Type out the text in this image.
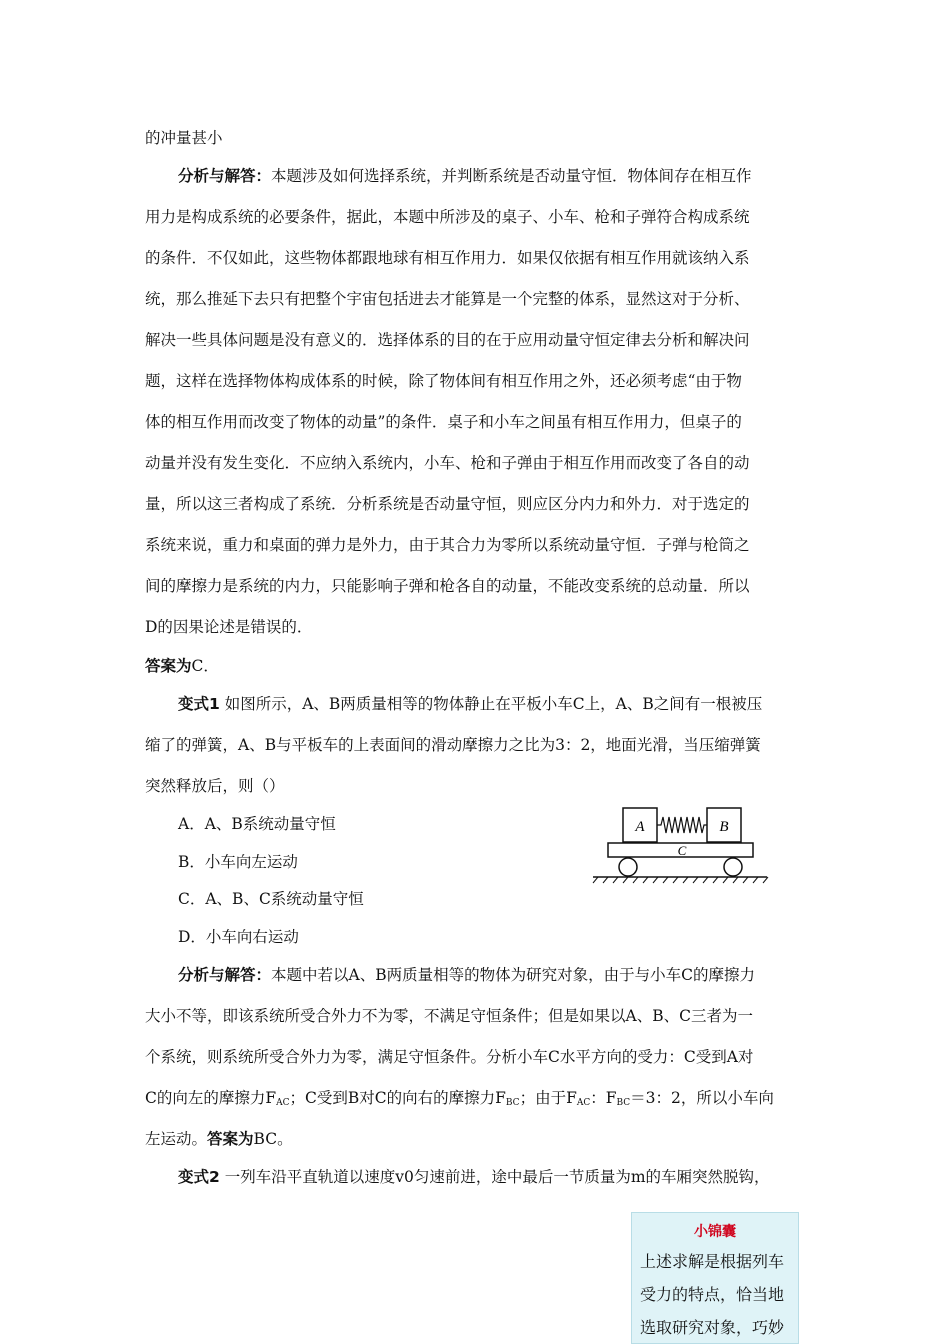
的冲量甚小
分析与解答：本题涉及如何选择系统，并判断系统是否动量守恒．物体间存在相互作
用力是构成系统的必要条件，据此，本题中所涉及的桌子、小车、枪和子弹符合构成系统
的条件．不仅如此，这些物体都跟地球有相互作用力．如果仅依据有相互作用就该纳入系
统，那么推延下去只有把整个宇宙包括进去才能算是一个完整的体系，显然这对于分析、
解决一些具体问题是没有意义的．选择体系的目的在于应用动量守恒定律去分析和解决问
题，这样在选择物体构成体系的时候，除了物体间有相互作用之外，还必须考虑“由于物
体的相互作用而改变了物体的动量”的条件．桌子和小车之间虽有相互作用力，但桌子的
动量并没有发生变化．不应纳入系统内，小车、枪和子弹由于相互作用而改变了各自的动
量，所以这三者构成了系统．分析系统是否动量守恒，则应区分内力和外力．对于选定的
系统来说，重力和桌面的弹力是外力，由于其合力为零所以系统动量守恒．子弹与枪筒之
间的摩擦力是系统的内力，只能影响子弹和枪各自的动量，不能改变系统的总动量．所以
D的因果论述是错误的．
答案为C．
变式1 如图所示，A、B两质量相等的物体静止在平板小车C上，A、B之间有一根被压
缩了的弹簧，A、B与平板车的上表面间的滑动摩擦力之比为3：2，地面光滑，当压缩弹簧
突然释放后，则（）
A．A、B系统动量守恒
B．小车向左运动
C．A、B、C系统动量守恒
D．小车向右运动
A	B
C
分析与解答：本题中若以A、B两质量相等的物体为研究对象，由于与小车C的摩擦力
大小不等，即该系统所受合外力不为零，不满足守恒条件；但是如果以A、B、C三者为一
个系统，则系统所受合外力为零，满足守恒条件。分析小车C水平方向的受力：C受到A对
C的向左的摩擦力$F_{AC}$；C受到B对C的向右的摩擦力$F_{BC}$；由于$F_{AC}$：$F_{BC}=3$：2，所以小车向
左运动。答案为BC。
变式2 一列车沿平直轨道以速度v0匀速前进，途中最后一节质量为m的车厢突然脱钩，
小锦囊
上述求解是根据列车
受力的特点，恰当地
选取研究对象，巧妙
